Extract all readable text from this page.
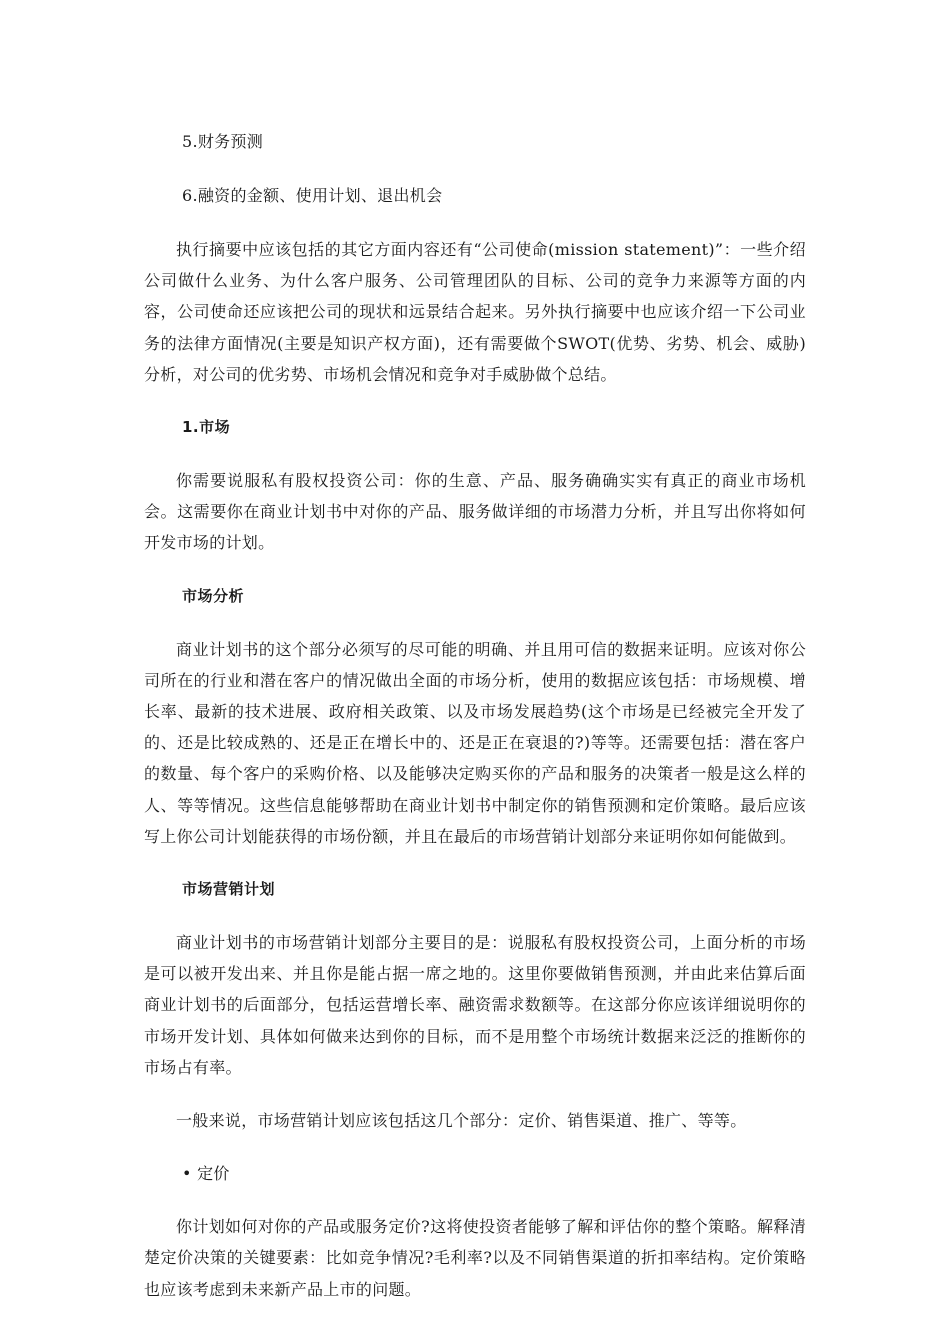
5.财务预测

6.融资的金额、使用计划、退出机会

执行摘要中应该包括的其它方面内容还有“公司使命(mission statement)”：一些介绍公司做什么业务、为什么客户服务、公司管理团队的目标、公司的竞争力来源等方面的内容，公司使命还应该把公司的现状和远景结合起来。另外执行摘要中也应该介绍一下公司业务的法律方面情况(主要是知识产权方面)，还有需要做个SWOT(优势、劣势、机会、威胁)分析，对公司的优劣势、市场机会情况和竞争对手威胁做个总结。

1.市场

你需要说服私有股权投资公司：你的生意、产品、服务确确实实有真正的商业市场机会。这需要你在商业计划书中对你的产品、服务做详细的市场潜力分析，并且写出你将如何开发市场的计划。

市场分析

商业计划书的这个部分必须写的尽可能的明确、并且用可信的数据来证明。应该对你公司所在的行业和潜在客户的情况做出全面的市场分析，使用的数据应该包括：市场规模、增长率、最新的技术进展、政府相关政策、以及市场发展趋势(这个市场是已经被完全开发了的、还是比较成熟的、还是正在增长中的、还是正在衰退的?)等等。还需要包括：潜在客户的数量、每个客户的采购价格、以及能够决定购买你的产品和服务的决策者一般是这么样的人、等等情况。这些信息能够帮助在商业计划书中制定你的销售预测和定价策略。最后应该写上你公司计划能获得的市场份额，并且在最后的市场营销计划部分来证明你如何能做到。

市场营销计划

商业计划书的市场营销计划部分主要目的是：说服私有股权投资公司，上面分析的市场是可以被开发出来、并且你是能占据一席之地的。这里你要做销售预测，并由此来估算后面商业计划书的后面部分，包括运营增长率、融资需求数额等。在这部分你应该详细说明你的市场开发计划、具体如何做来达到你的目标，而不是用整个市场统计数据来泛泛的推断你的市场占有率。

一般来说，市场营销计划应该包括这几个部分：定价、销售渠道、推广、等等。

• 定价

你计划如何对你的产品或服务定价?这将使投资者能够了解和评估你的整个策略。解释清楚定价决策的关键要素：比如竞争情况?毛利率?以及不同销售渠道的折扣率结构。定价策略也应该考虑到未来新产品上市的问题。
